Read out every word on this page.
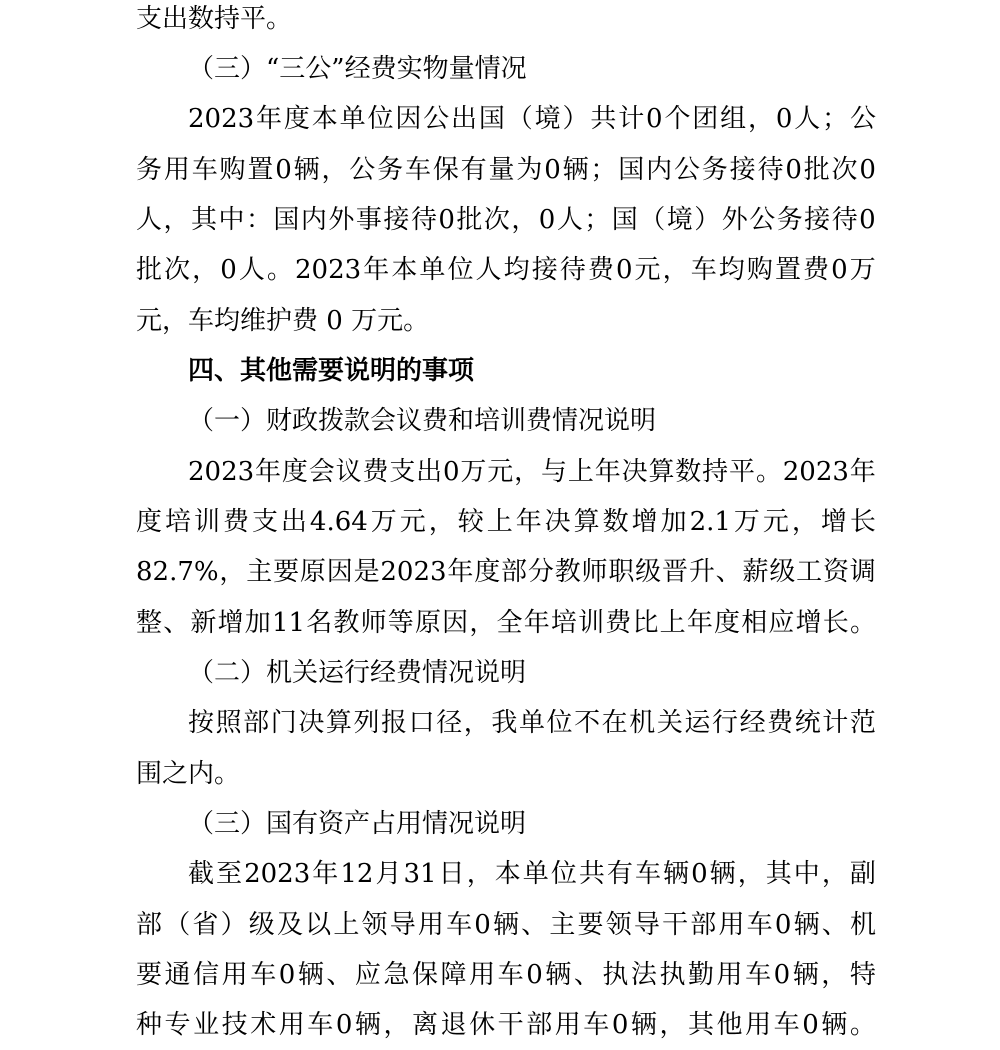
支出数持平。

（三）“三公”经费实物量情况

2023 年 度 本 单 位 因 公 出 国 （ 境 ） 共 计 0 个 团 组 ， 0 人 ； 公

务 用 车 购 置 0 辆 ， 公 务 车 保 有 量 为 0 辆 ； 国 内 公 务 接 待 0 批 次 0

人 ， 其 中 ： 国 内 外 事 接 待 0 批 次 ， 0 人 ； 国 （ 境 ） 外 公 务 接 待 0

批 次 ， 0 人 。 2023 年 本 单 位 人 均 接 待 费 0 元 ， 车 均 购 置 费 0 万

元，车均维护费 0 万元。

四、其他需要说明的事项

（一）财政拨款会议费和培训费情况说明

2023 年 度 会 议 费 支 出 0 万 元 ， 与 上 年 决 算 数 持 平 。 2023 年

度 培 训 费 支 出 4.64 万 元 ， 较 上 年 决 算 数 增 加 2.1 万 元 ， 增 长

82.7% ， 主 要 原 因 是 2023 年 度 部 分 教 师 职 级 晋 升 、 薪 级 工 资 调

整 、 新 增 加 11 名 教 师 等 原 因 ， 全 年 培 训 费 比 上 年 度 相 应 增 长 。

（二）机关运行经费情况说明

按 照 部 门 决 算 列 报 口 径 ， 我 单 位 不 在 机 关 运 行 经 费 统 计 范

围之内。

（三）国有资产占用情况说明

截 至 2023 年 12 月 31 日 ， 本 单 位 共 有 车 辆 0 辆 ， 其 中 ， 副

部 （ 省 ） 级 及 以 上 领 导 用 车 0 辆 、 主 要 领 导 干 部 用 车 0 辆 、 机

要 通 信 用 车 0 辆 、 应 急 保 障 用 车 0 辆 、 执 法 执 勤 用 车 0 辆 ， 特

种 专 业 技 术 用 车 0 辆 ， 离 退 休 干 部 用 车 0 辆 ， 其 他 用 车 0 辆 。
